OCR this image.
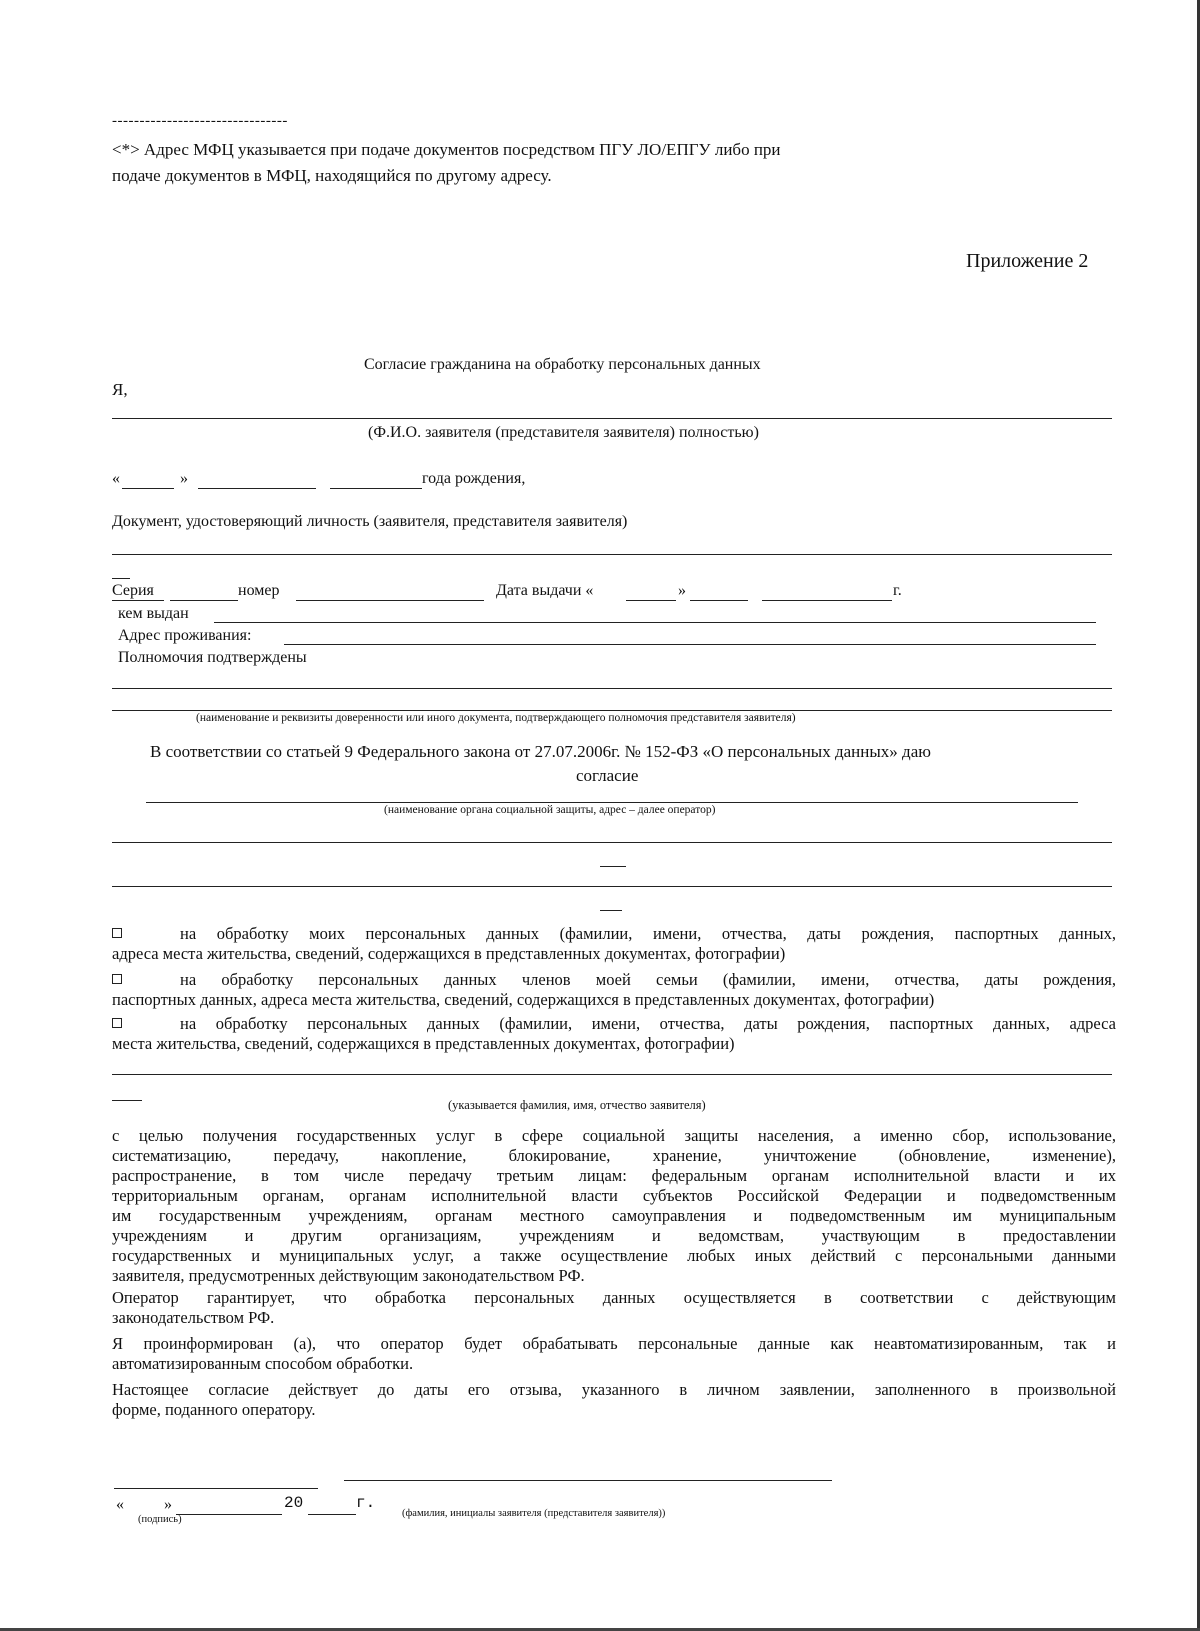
--------------------------------
<*> Адрес МФЦ указывается при подаче документов посредством ПГУ ЛО/ЕПГУ либо при
подаче документов в МФЦ, находящийся по другому адресу.
Приложение 2
Согласие гражданина на обработку персональных данных
Я,
(Ф.И.О. заявителя (представителя заявителя) полностью)
«	»	года рождения,
Документ, удостоверяющий личность (заявителя, представителя заявителя)
Серия	номер	Дата выдачи «	»	г.
кем выдан
Адрес проживания:
Полномочия подтверждены
(наименование и реквизиты доверенности или иного документа, подтверждающего полномочия представителя заявителя)
В соответствии со статьей 9 Федерального закона от 27.07.2006г. № 152-ФЗ «О персональных данных» даю
согласие
(наименование органа социальной защиты, адрес – далее оператор)
на обработку моих персональных данных (фамилии, имени, отчества, даты рождения, паспортных данных,
адреса места жительства, сведений, содержащихся в представленных документах, фотографии)
на обработку персональных данных членов моей семьи (фамилии, имени, отчества, даты рождения,
паспортных данных, адреса места жительства, сведений, содержащихся в представленных документах, фотографии)
на обработку персональных данных (фамилии, имени, отчества, даты рождения, паспортных данных, адреса
места жительства, сведений, содержащихся в представленных документах, фотографии)
(указывается фамилия, имя, отчество заявителя)
с целью получения государственных услуг в сфере социальной защиты населения, а именно сбор, использование,
систематизацию, передачу, накопление, блокирование, хранение, уничтожение (обновление, изменение),
распространение, в том числе передачу третьим лицам: федеральным органам исполнительной власти и их
территориальным органам, органам исполнительной власти субъектов Российской Федерации и подведомственным
им государственным учреждениям, органам местного самоуправления и подведомственным им муниципальным
учреждениям и другим организациям, учреждениям и ведомствам, участвующим в предоставлении
государственных и муниципальных услуг, а также осуществление любых иных действий с персональными данными
заявителя, предусмотренных действующим законодательством РФ.
Оператор гарантирует, что обработка персональных данных осуществляется в соответствии с действующим
законодательством РФ.
Я проинформирован (а), что оператор будет обрабатывать персональные данные как неавтоматизированным, так и
автоматизированным способом обработки.
Настоящее согласие действует до даты его отзыва, указанного в личном заявлении, заполненного в произвольной
форме, поданного оператору.
«	»	20	г.
(подпись)
(фамилия, инициалы заявителя (представителя заявителя))
